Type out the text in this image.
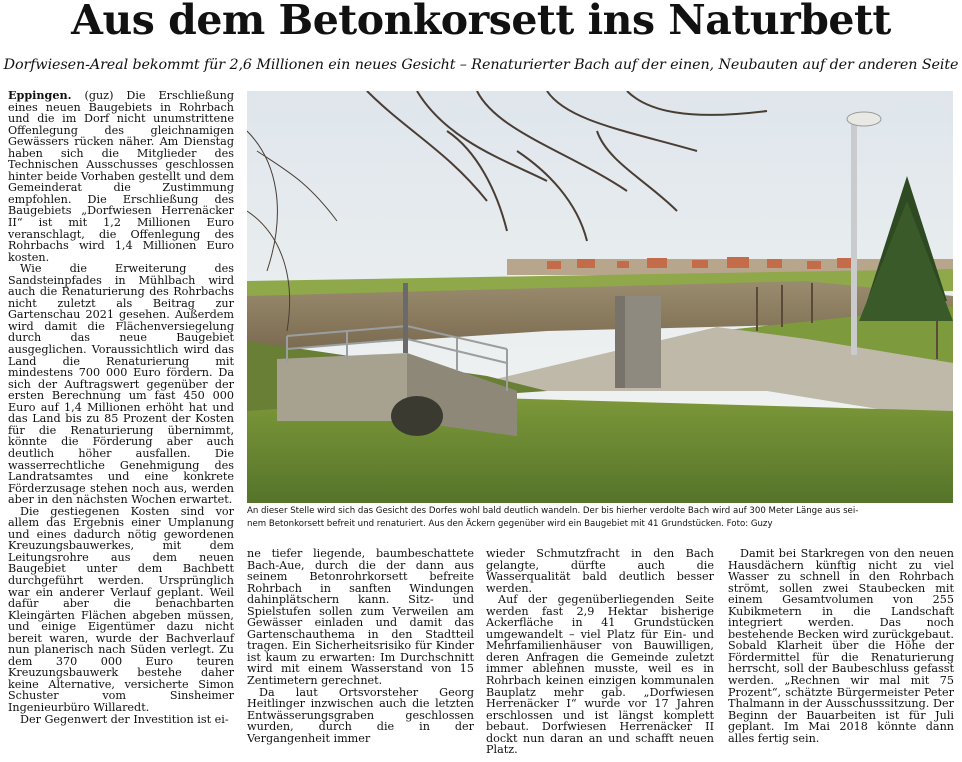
Aus dem Betonkorsett ins Naturbett
Dorfwiesen-Areal bekommt für 2,6 Millionen ein neues Gesicht – Renaturierter Bach auf der einen, Neubauten auf der anderen Seite

Eppingen. (guz) Die Erschließung eines neuen Baugebiets in Rohrbach und die im Dorf nicht unumstrittene Offenlegung des gleichnamigen Gewässers rücken näher. Am Dienstag haben sich die Mitglieder des Technischen Ausschusses geschlossen hinter beide Vorhaben gestellt und dem Gemeinderat die Zustimmung empfohlen. Die Erschließung des Baugebiets „Dorfwiesen Herrenäcker II“ ist mit 1,2 Millionen Euro veranschlagt, die Offenlegung des Rohrbachs wird 1,4 Millionen Euro kosten.

Wie die Erweiterung des Sandsteinpfades in Mühlbach wird auch die Renaturierung des Rohrbachs nicht zuletzt als Beitrag zur Gartenschau 2021 gesehen. Außerdem wird damit die Flächenversiegelung durch das neue Baugebiet ausgeglichen. Voraussichtlich wird das Land die Renaturierung mit mindestens 700 000 Euro fördern. Da sich der Auftragswert gegenüber der ersten Berechnung um fast 450 000 Euro auf 1,4 Millionen erhöht hat und das Land bis zu 85 Prozent der Kosten für die Renaturierung übernimmt, könnte die Förderung aber auch deutlich höher ausfallen. Die wasserrechtliche Genehmigung des Landratsamtes und eine konkrete Förderzusage stehen noch aus, werden aber in den nächsten Wochen erwartet.

Die gestiegenen Kosten sind vor allem das Ergebnis einer Umplanung und eines dadurch nötig gewordenen Kreuzungsbauwerkes, mit dem Leitungsrohre aus dem neuen Baugebiet unter dem Bachbett durchgeführt werden. Ursprünglich war ein anderer Verlauf geplant. Weil dafür aber die benachbarten Kleingärten Flächen abgeben müssen, und einige Eigentümer dazu nicht bereit waren, wurde der Bachverlauf nun planerisch nach Süden verlegt. Zu dem 370 000 Euro teuren Kreuzungsbauwerk bestehe daher keine Alternative, versicherte Simon Schuster vom Sinsheimer Ingenieurbüro Willaredt.

Der Gegenwert der Investition ist ei-

An dieser Stelle wird sich das Gesicht des Dorfes wohl bald deutlich wandeln. Der bis hierher verdolte Bach wird auf 300 Meter Länge aus sei-
nem Betonkorsett befreit und renaturiert. Aus den Äckern gegenüber wird ein Baugebiet mit 41 Grundstücken. Foto: Guzy

ne tiefer liegende, baumbeschattete Bach-Aue, durch die der dann aus seinem Betonrohrkorsett befreite Rohrbach in sanften Windungen dahinplätschern kann. Sitz- und Spielstufen sollen zum Verweilen am Gewässer einladen und damit das Gartenschauthema in den Stadtteil tragen. Ein Sicherheitsrisiko für Kinder ist kaum zu erwarten: Im Durchschnitt wird mit einem Wasserstand von 15 Zentimetern gerechnet.

Da laut Ortsvorsteher Georg Heitlinger inzwischen auch die letzten Entwässerungsgraben geschlossen wurden, durch die in der Vergangenheit immer

wieder Schmutzfracht in den Bach gelangte, dürfte auch die Wasserqualität bald deutlich besser werden.

Auf der gegenüberliegenden Seite werden fast 2,9 Hektar bisherige Ackerfläche in 41 Grundstücken umgewandelt – viel Platz für Ein- und Mehrfamilienhäuser von Bauwilligen, deren Anfragen die Gemeinde zuletzt immer ablehnen musste, weil es in Rohrbach keinen einzigen kommunalen Bauplatz mehr gab. „Dorfwiesen Herrenäcker I“ wurde vor 17 Jahren erschlossen und ist längst komplett bebaut. Dorfwiesen Herrenäcker II dockt nun daran an und schafft neuen Platz.

Damit bei Starkregen von den neuen Hausdächern künftig nicht zu viel Wasser zu schnell in den Rohrbach strömt, sollen zwei Staubecken mit einem Gesamtvolumen von 255 Kubikmetern in die Landschaft integriert werden. Das noch bestehende Becken wird zurückgebaut. Sobald Klarheit über die Höhe der Fördermittel für die Renaturierung herrscht, soll der Baubeschluss gefasst werden. „Rechnen wir mal mit 75 Prozent“, schätzte Bürgermeister Peter Thalmann in der Ausschusssitzung. Der Beginn der Bauarbeiten ist für Juli geplant. Im Mai 2018 könnte dann alles fertig sein.
